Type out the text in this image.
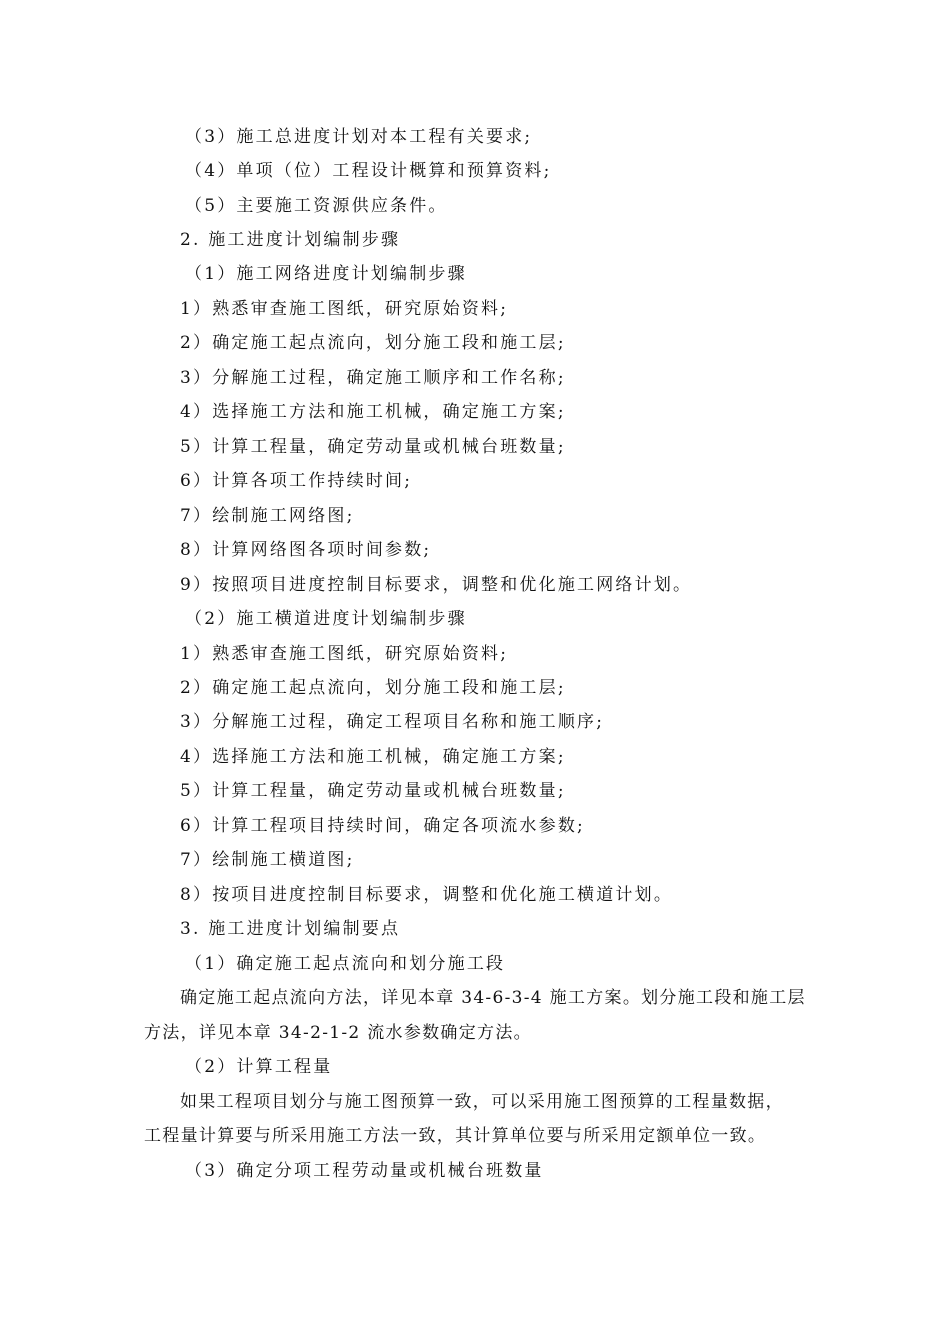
（3）施工总进度计划对本工程有关要求;
（4）单项（位）工程设计概算和预算资料;
（5）主要施工资源供应条件。
2. 施工进度计划编制步骤
（1）施工网络进度计划编制步骤
1）熟悉审查施工图纸，研究原始资料;
2）确定施工起点流向，划分施工段和施工层;
3）分解施工过程，确定施工顺序和工作名称;
4）选择施工方法和施工机械，确定施工方案;
5）计算工程量，确定劳动量或机械台班数量;
6）计算各项工作持续时间;
7）绘制施工网络图;
8）计算网络图各项时间参数;
9）按照项目进度控制目标要求，调整和优化施工网络计划。
（2）施工横道进度计划编制步骤
1）熟悉审查施工图纸，研究原始资料;
2）确定施工起点流向，划分施工段和施工层;
3）分解施工过程，确定工程项目名称和施工顺序;
4）选择施工方法和施工机械，确定施工方案;
5）计算工程量，确定劳动量或机械台班数量;
6）计算工程项目持续时间，确定各项流水参数;
7）绘制施工横道图;
8）按项目进度控制目标要求，调整和优化施工横道计划。
3. 施工进度计划编制要点
（1）确定施工起点流向和划分施工段
确定施工起点流向方法，详见本章 34-6-3-4 施工方案。划分施工段和施工层
方法，详见本章 34-2-1-2 流水参数确定方法。
（2）计算工程量
如果工程项目划分与施工图预算一致，可以采用施工图预算的工程量数据，
工程量计算要与所采用施工方法一致，其计算单位要与所采用定额单位一致。
（3）确定分项工程劳动量或机械台班数量
